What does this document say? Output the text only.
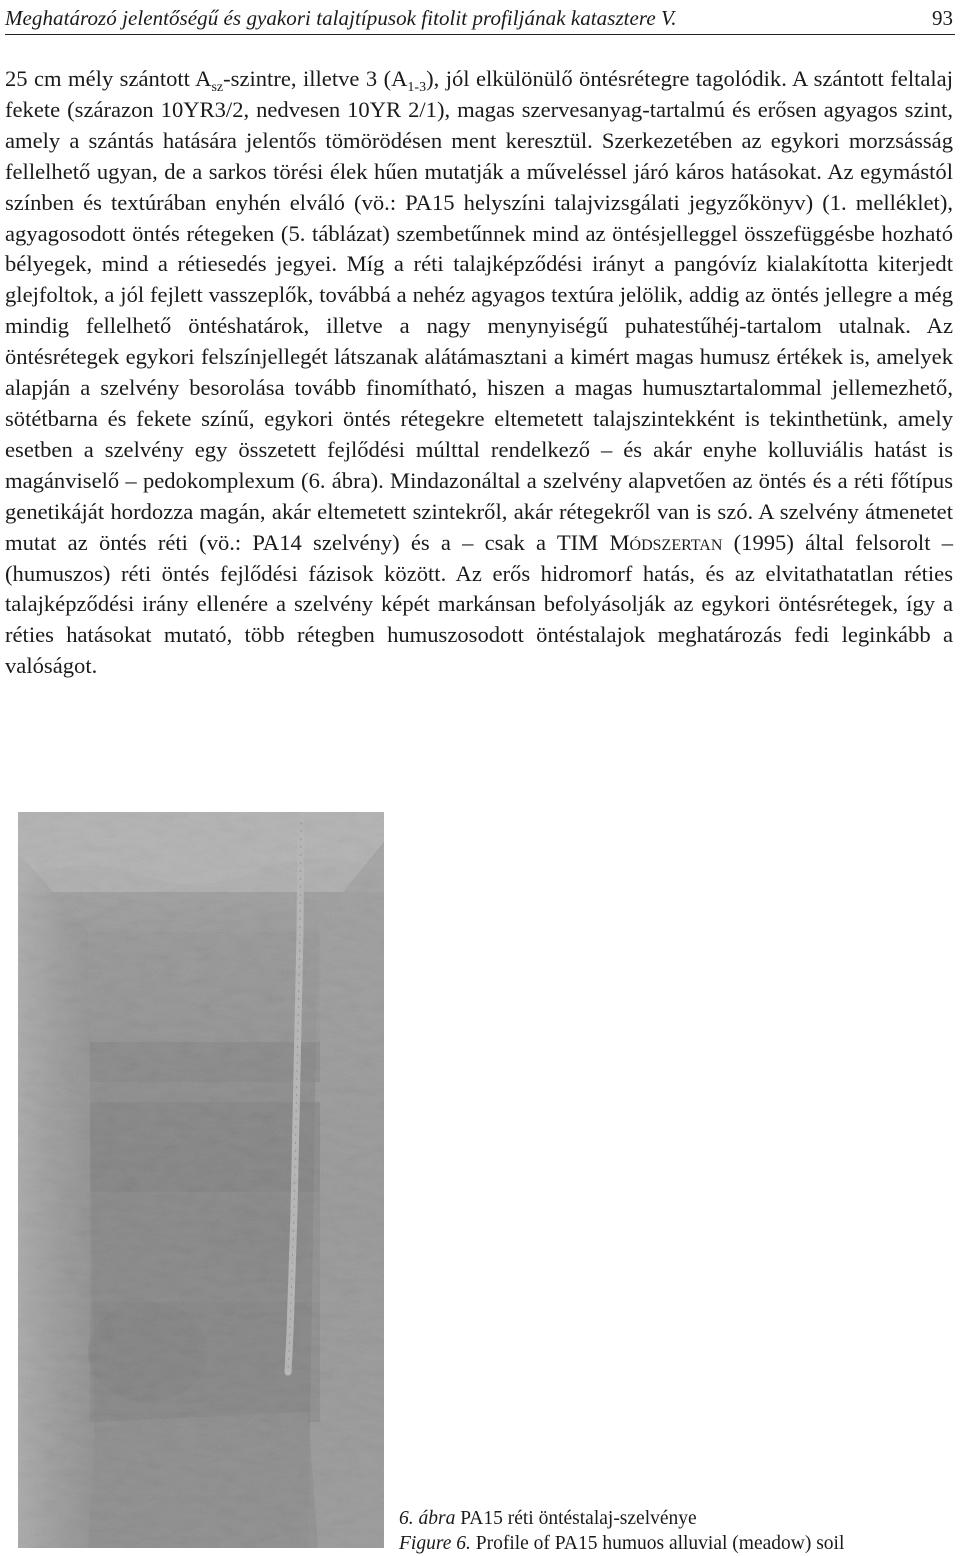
Meghatározó jelentőségű és gyakori talajtípusok fitolit profiljának katasztere V.	93

25 cm mély szántott $A_{sz}$-szintre, illetve 3 $(A_{1-3})$, jól elkülönülő öntésrétegre tagolódik. A szántott feltalaj fekete (szárazon 10YR3/2, nedvesen 10YR 2/1), magas szervesanyag-tartalmú és erősen agyagos szint, amely a szántás hatására jelentős tömörödésen ment keresztül. Szerkezetében az egykori morzsásság fellelhető ugyan, de a sarkos törési élek hűen mutatják a műveléssel járó káros hatásokat. Az egymástól színben és textúrában enyhén elváló (vö.: PA15 helyszíni talajvizsgálati jegyzőkönyv) (1. melléklet), agyagosodott öntés rétegeken (5. táblázat) szembetűnnek mind az öntésjelleggel összefüggésbe hozható bélyegek, mind a rétiesedés jegyei. Míg a réti talajképződési irányt a pangóvíz kialakította kiterjedt glejfoltok, a jól fejlett vasszeplők, továbbá a nehéz agyagos textúra jelölik, addig az öntés jellegre a még mindig fellelhető öntéshatárok, illetve a nagy menynyiségű puhatestűhéj-tartalom utalnak. Az öntésrétegek egykori felszínjellegét látszanak alátámasztani a kimért magas humusz értékek is, amelyek alapján a szelvény besorolása tovább finomítható, hiszen a magas humusztartalommal jellemezhető, sötétbarna és fekete színű, egykori öntés rétegekre eltemetett talajszintekként is tekinthetünk, amely esetben a szelvény egy összetett fejlődési múlttal rendelkező – és akár enyhe kolluviális hatást is magánviselő – pedokomplexum (6. ábra). Mindazonáltal a szelvény alapvetően az öntés és a réti főtípus genetikáját hordozza magán, akár eltemetett szintekről, akár rétegekről van is szó. A szelvény átmenetet mutat az öntés réti (vö.: PA14 szelvény) és a – csak a TIM Módszertan (1995) által felsorolt – (humuszos) réti öntés fejlődési fázisok között. Az erős hidromorf hatás, és az elvitathatatlan réties talajképződési irány ellenére a szelvény képét markánsan befolyásolják az egykori öntésrétegek, így a réties hatásokat mutató, több rétegben humuszosodott öntéstalajok meghatározás fedi leginkább a valóságot.

6. ábra PA15 réti öntéstalaj-szelvénye
Figure 6. Profile of PA15 humuos alluvial (meadow) soil
